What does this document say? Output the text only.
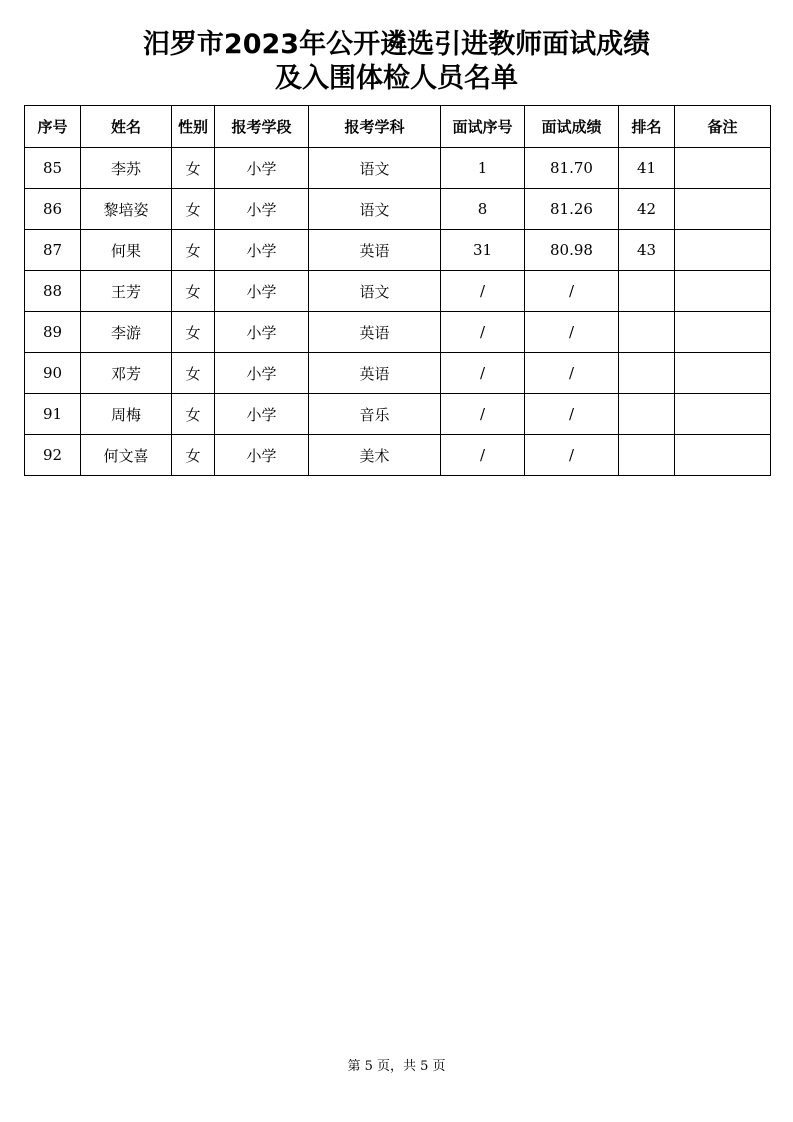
汨罗市2023年公开遴选引进教师面试成绩
及入围体检人员名单
序号	姓名	性别	报考学段	报考学科	面试序号	面试成绩	排名	备注
85	李苏	女	小学	语文	1	81.70	41	
86	黎培姿	女	小学	语文	8	81.26	42	
87	何果	女	小学	英语	31	80.98	43	
88	王芳	女	小学	语文	/	/		
89	李游	女	小学	英语	/	/		
90	邓芳	女	小学	英语	/	/		
91	周梅	女	小学	音乐	/	/		
92	何文喜	女	小学	美术	/	/		
第 5 页，共 5 页
